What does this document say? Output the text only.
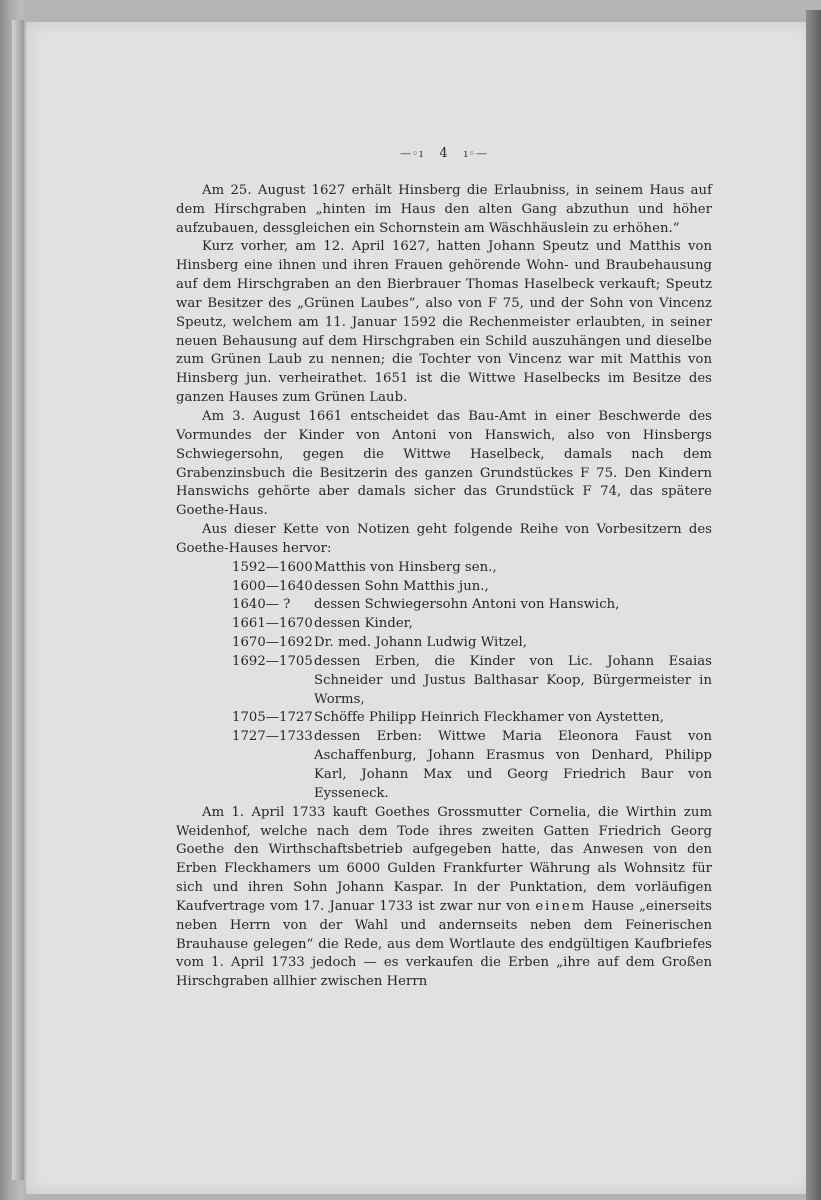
—◦ı 4 ı◦—

Am 25. August 1627 erhält Hinsberg die Erlaubniss, in seinem Haus auf dem Hirschgraben „hinten im Haus den alten Gang abzuthun und höher aufzubauen, dessgleichen ein Schornstein am Wäschhäuslein zu erhöhen.“

Kurz vorher, am 12. April 1627, hatten Johann Speutz und Matthis von Hinsberg eine ihnen und ihren Frauen gehörende Wohn- und Braubehausung auf dem Hirschgraben an den Bierbrauer Thomas Haselbeck verkauft; Speutz war Besitzer des „Grünen Laubes“, also von F 75, und der Sohn von Vincenz Speutz, welchem am 11. Januar 1592 die Rechenmeister erlaubten, in seiner neuen Behausung auf dem Hirschgraben ein Schild auszuhängen und dieselbe zum Grünen Laub zu nennen; die Tochter von Vincenz war mit Matthis von Hinsberg jun. verheirathet. 1651 ist die Wittwe Haselbecks im Besitze des ganzen Hauses zum Grünen Laub.

Am 3. August 1661 entscheidet das Bau-Amt in einer Beschwerde des Vormundes der Kinder von Antoni von Hanswich, also von Hinsbergs Schwiegersohn, gegen die Wittwe Haselbeck, damals nach dem Grabenzinsbuch die Besitzerin des ganzen Grundstückes F 75. Den Kindern Hanswichs gehörte aber damals sicher das Grundstück F 74, das spätere Goethe-Haus.

Aus dieser Kette von Notizen geht folgende Reihe von Vorbesitzern des Goethe-Hauses hervor:

1592—1600 Matthis von Hinsberg sen.,
1600—1640 dessen Sohn Matthis jun.,
1640— ?	dessen Schwiegersohn Antoni von Hanswich,
1661—1670 dessen Kinder,
1670—1692 Dr. med. Johann Ludwig Witzel,
1692—1705 dessen Erben, die Kinder von Lic. Johann Esaias Schneider und Justus Balthasar Koop, Bürgermeister in Worms,
1705—1727 Schöffe Philipp Heinrich Fleckhamer von Aystetten,
1727—1733 dessen Erben: Wittwe Maria Eleonora Faust von Aschaffenburg, Johann Erasmus von Denhard, Philipp Karl, Johann Max und Georg Friedrich Baur von Eysseneck.

Am 1. April 1733 kauft Goethes Grossmutter Cornelia, die Wirthin zum Weidenhof, welche nach dem Tode ihres zweiten Gatten Friedrich Georg Goethe den Wirthschaftsbetrieb aufgegeben hatte, das Anwesen von den Erben Fleckhamers um 6000 Gulden Frankfurter Währung als Wohnsitz für sich und ihren Sohn Johann Kaspar. In der Punktation, dem vorläufigen Kaufvertrage vom 17. Januar 1733 ist zwar nur von einem Hause „einerseits neben Herrn von der Wahl und andernseits neben dem Feinerischen Brauhause gelegen“ die Rede, aus dem Wortlaute des endgültigen Kaufbriefes vom 1. April 1733 jedoch — es verkaufen die Erben „ihre auf dem Großen Hirschgraben allhier zwischen Herrn
